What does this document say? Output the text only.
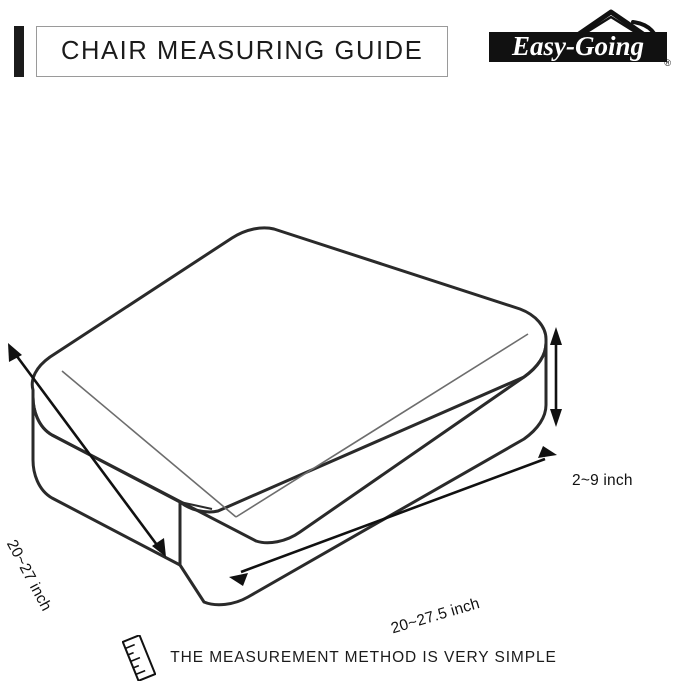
CHAIR MEASURING GUIDE	Easy-Going
®
2~9 inch
20~27.5 inch
20~27 inch
THE MEASUREMENT METHOD IS VERY SIMPLE
